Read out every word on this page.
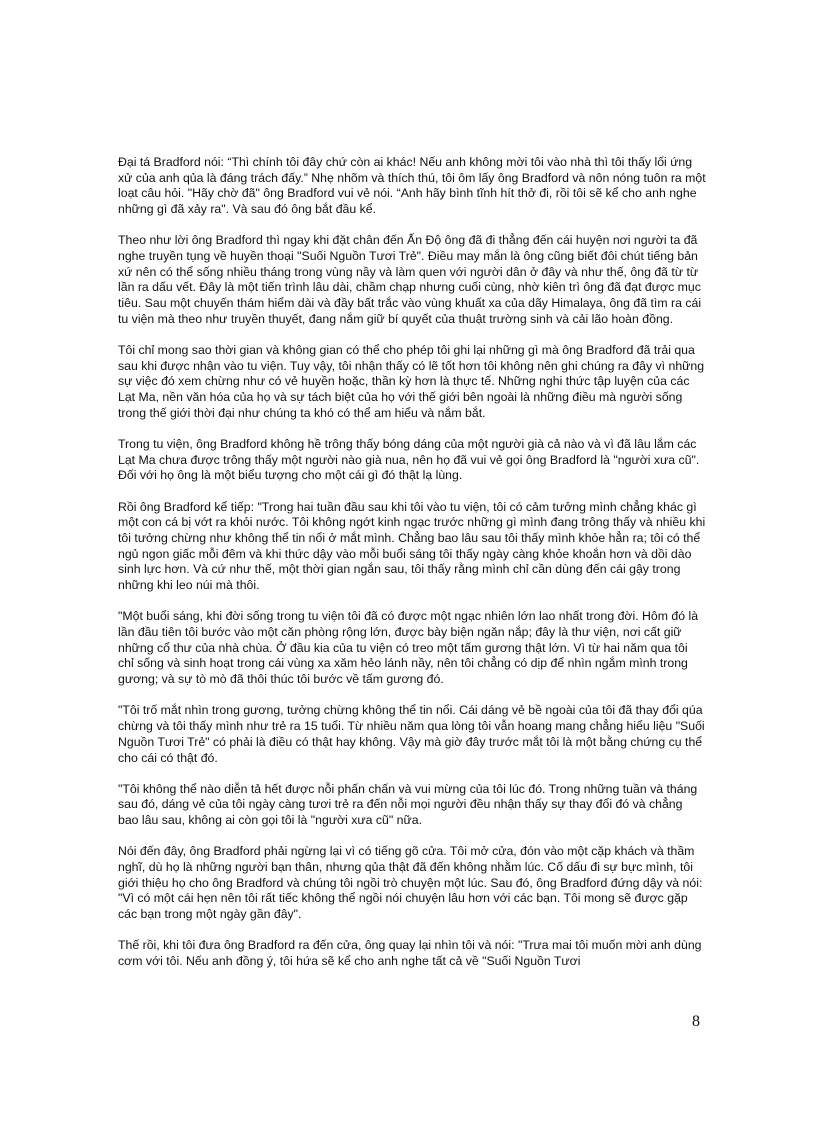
Đại tá Bradford nói: “Thì chính tôi đây chứ còn ai khác! Nếu anh không mời tôi vào nhà thì tôi thấy lối ứng xử của anh qủa là đáng trách đấy.” Nhẹ nhõm và thích thú, tôi ôm lấy ông Bradford và nôn nóng tuôn ra một loạt câu hỏi. "Hãy chờ đã" ông Bradford vui vẻ nói. “Anh hãy bình tĩnh hít thở đi, rồi tôi sẽ kể cho anh nghe những gì đã xảy ra". Và sau đó ông bắt đầu kể.

Theo như lời ông Bradford thì ngay khi đặt chân đến Ấn Độ ông đã đi thẳng đến cái huyện nơi người ta đã nghe truyền tụng về huyền thoại "Suối Nguồn Tươi Trẻ". Điều may mắn là ông cũng biết đôi chút tiếng bản xứ nên có thể sống nhiều tháng trong vùng nầy và làm quen với người dân ở đây và như thế, ông đã từ từ lần ra dấu vết. Đây là một tiến trình lâu dài, chầm chạp nhưng cuối cùng, nhờ kiên trì ông đã đạt được mục tiêu. Sau một chuyến thám hiểm dài và đầy bất trắc vào vùng khuất xa của dãy Himalaya, ông đã tìm ra cái tu viện mà theo như truyền thuyết, đang nắm giữ bí quyết của thuật trường sinh và cải lão hoàn đồng.

Tôi chỉ mong sao thời gian và không gian có thể cho phép tôi ghi lại những gì mà ông Bradford đã trải qua sau khi được nhận vào tu viện. Tuy vậy, tôi nhận thấy có lẽ tốt hơn tôi không nên ghi chúng ra đây vì những sự việc đó xem chừng như có vẻ huyền hoặc, thần kỳ hơn là thực tế. Những nghi thức tập luyện của các Lạt Ma, nền văn hóa của họ và sự tách biệt của họ với thế giới bên ngoài là những điều mà người sống trong thế giới thời đại như chúng ta khó có thể am hiểu và nắm bắt.

Trong tu viện, ông Bradford không hề trông thấy bóng dáng của một người già cả nào và vì đã lâu lắm các Lạt Ma chưa được trông thấy một người nào già nua, nên họ đã vui vẻ gọi ông Bradford là "người xưa cũ". Đối với họ ông là một biểu tượng cho một cái gì đó thật lạ lùng.

Rồi ông Bradford kể tiếp: "Trong hai tuần đầu sau khi tôi vào tu viện, tôi có cảm tưởng mình chẳng khác gì một con cá bị vớt ra khỏi nước. Tôi không ngớt kinh ngạc trước những gì mình đang trông thấy và nhiều khi tôi tưởng chừng như không thể tin nổi ở mắt mình. Chẳng bao lâu sau tôi thấy mình khỏe hẳn ra; tôi có thể ngủ ngon giấc mỗi đêm và khi thức dậy vào mỗi buổi sáng tôi thấy ngày càng khỏe khoắn hơn và dồi dào sinh lực hơn. Và cứ như thế, một thời gian ngắn sau, tôi thấy rằng mình chỉ cần dùng đến cái gậy trong những khi leo núi mà thôi.

"Một buổi sáng, khi đời sống trong tu viện tôi đã có được một ngạc nhiên lớn lao nhất trong đời. Hôm đó là lần đầu tiên tôi bước vào một căn phòng rộng lớn, được bày biện ngăn nắp; đây là thư viện, nơi cất giữ những cổ thư của nhà chùa. Ở đầu kia của tu viện có treo một tấm gương thật lớn. Vì từ hai năm qua tôi chỉ sống và sinh hoạt trong cái vùng xa xăm hẻo lánh nầy, nên tôi chẳng có dịp để nhìn ngắm mình trong gương; và sự tò mò đã thôi thúc tôi bước về tấm gương đó.

"Tôi trố mắt nhìn trong gương, tưởng chừng không thể tin nổi. Cái dáng vẻ bề ngoài của tôi đã thay đổi qúa chừng và tôi thấy mình như trẻ ra 15 tuổi. Từ nhiều năm qua lòng tôi vẫn hoang mang chẳng hiểu liệu "Suối Nguồn Tươi Trẻ" có phải là điều có thật hay không. Vậy mà giờ đây trước mắt tôi là một bằng chứng cụ thể cho cái có thật đó.

"Tôi không thể nào diễn tả hết được nỗi phấn chấn và vui mừng của tôi lúc đó. Trong những tuần và tháng sau đó, dáng vẻ của tôi ngày càng tươi trẻ ra đến nỗi mọi người đều nhận thấy sự thay đổi đó và chẳng bao lâu sau, không ai còn gọi tôi là "người xưa cũ" nữa.

Nói đến đây, ông Bradford phải ngừng lại vì có tiếng gõ cửa. Tôi mở cửa, đón vào một cặp khách và thầm nghĩ, dù họ là những người bạn thân, nhưng qủa thật đã đến không nhằm lúc. Cố dấu đi sự bực mình, tôi giới thiệu họ cho ông Bradford và chúng tôi ngồi trò chuyện một lúc. Sau đó, ông Bradford đứng dậy và nói: "Vì có một cái hẹn nên tôi rất tiếc không thể ngồi nói chuyện lâu hơn với các bạn. Tôi mong sẽ được gặp các bạn trong một ngày gần đây".

Thế rồi, khi tôi đưa ông Bradford ra đến cửa, ông quay lại nhìn tôi và nói: "Trưa mai tôi muốn mời anh dùng cơm với tôi. Nếu anh đồng ý, tôi hứa sẽ kể cho anh nghe tất cả về "Suối Nguồn Tươi

8
